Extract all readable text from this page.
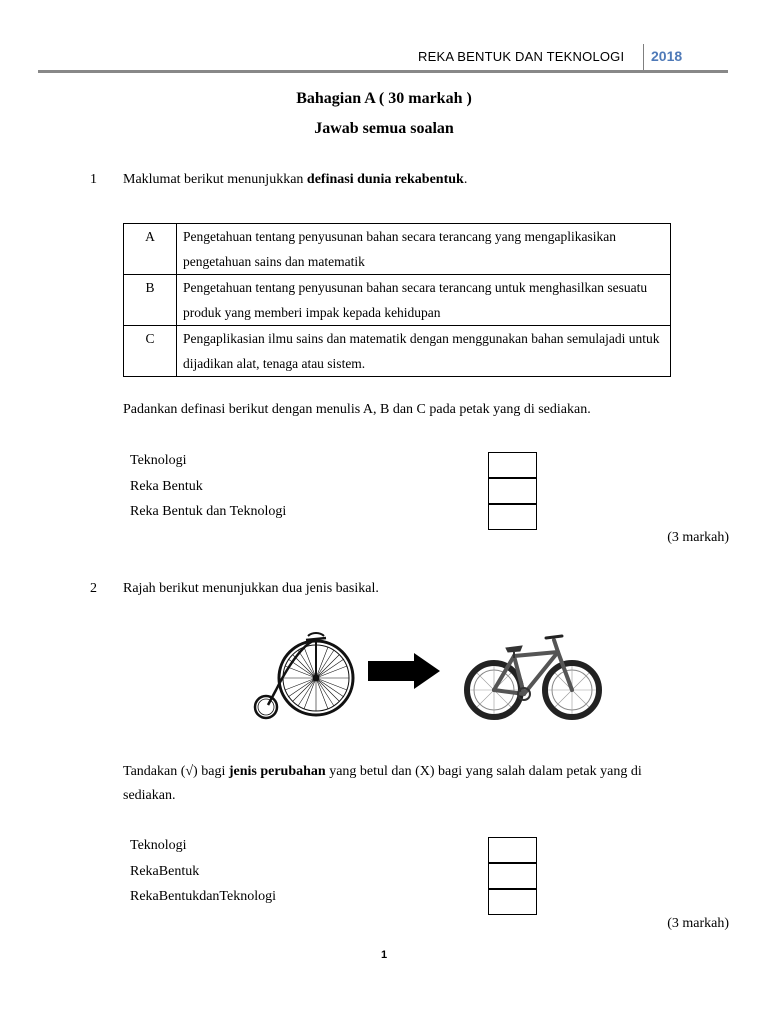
REKA BENTUK DAN TEKNOLOGI 2018
Bahagian A ( 30 markah )
Jawab semua soalan
1 Maklumat berikut menunjukkan definasi dunia rekabentuk.
A	Pengetahuan tentang penyusunan bahan secara terancang yang mengaplikasikan pengetahuan sains dan matematik
B	Pengetahuan tentang penyusunan bahan secara terancang untuk menghasilkan sesuatu produk yang memberi impak kepada kehidupan
C	Pengaplikasian ilmu sains dan matematik dengan menggunakan bahan semulajadi untuk dijadikan alat, tenaga atau sistem.
Padankan definasi berikut dengan menulis A, B dan C pada petak yang di sediakan.
Teknologi
Reka Bentuk
Reka Bentuk dan Teknologi
(3 markah)
2 Rajah berikut menunjukkan dua jenis basikal.
Tandakan (√) bagi jenis perubahan yang betul dan (X) bagi yang salah dalam petak yang di
sediakan.
Teknologi
RekaBentuk
RekaBentukdanTeknologi
(3 markah)
1
